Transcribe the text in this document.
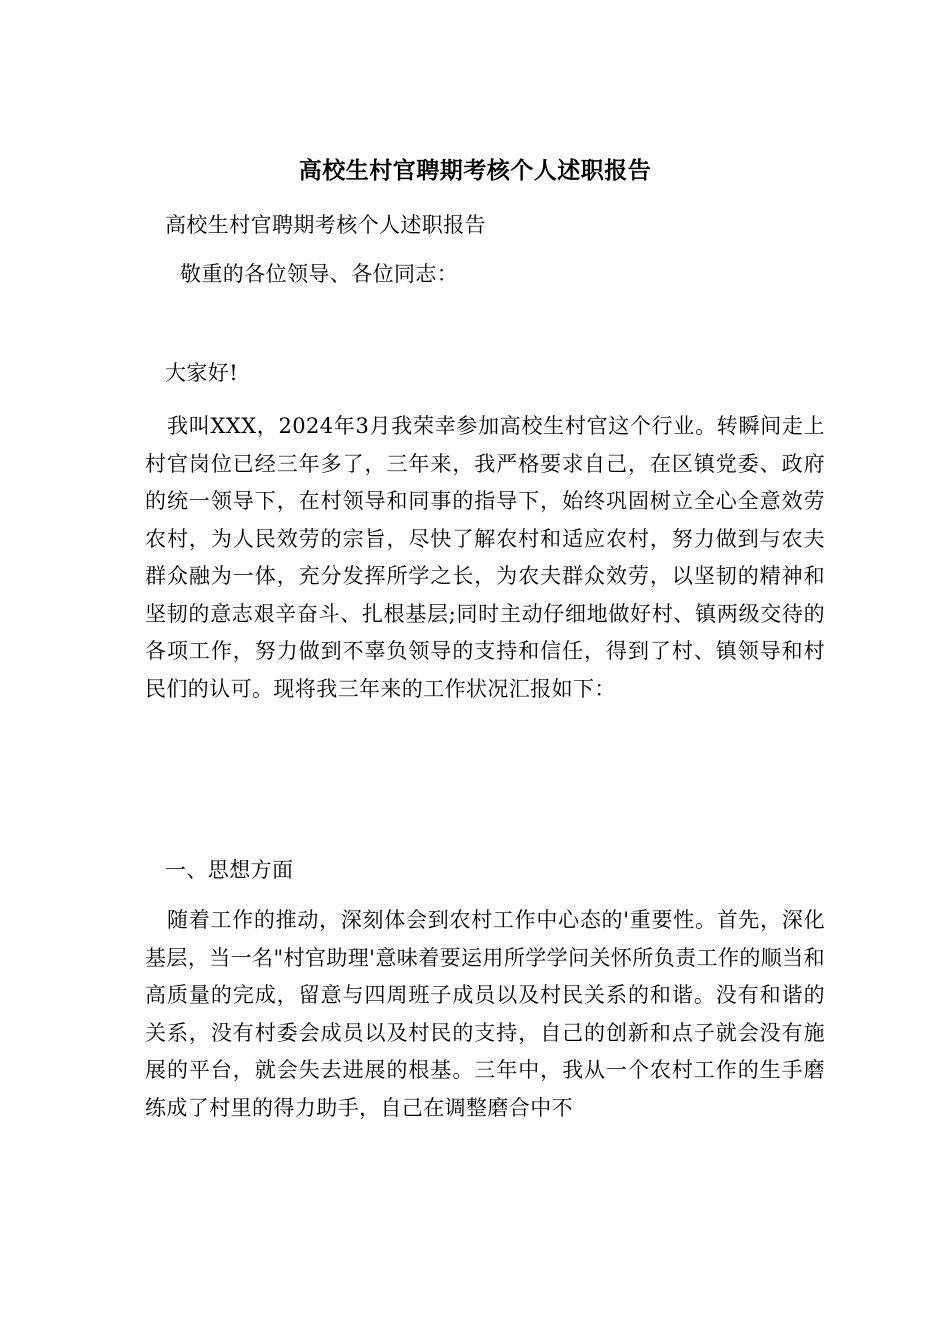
高校生村官聘期考核个人述职报告
高校生村官聘期考核个人述职报告
敬重的各位领导、各位同志：
大家好!
我叫XXX，2024年3月我荣幸参加高校生村官这个行业。转瞬间走上村官岗位已经三年多了，三年来，我严格要求自己，在区镇党委、政府的统一领导下，在村领导和同事的指导下，始终巩固树立全心全意效劳农村，为人民效劳的宗旨，尽快了解农村和适应农村，努力做到与农夫群众融为一体，充分发挥所学之长，为农夫群众效劳，以坚韧的精神和坚韧的意志艰辛奋斗、扎根基层;同时主动仔细地做好村、镇两级交待的各项工作，努力做到不辜负领导的支持和信任，得到了村、镇领导和村民们的认可。现将我三年来的工作状况汇报如下：
一、思想方面
随着工作的推动，深刻体会到农村工作中心态的'重要性。首先，深化基层，当一名"村官助理'意味着要运用所学学问关怀所负责工作的顺当和高质量的完成，留意与四周班子成员以及村民关系的和谐。没有和谐的关系，没有村委会成员以及村民的支持，自己的创新和点子就会没有施展的平台，就会失去进展的根基。三年中，我从一个农村工作的生手磨练成了村里的得力助手，自己在调整磨合中不
